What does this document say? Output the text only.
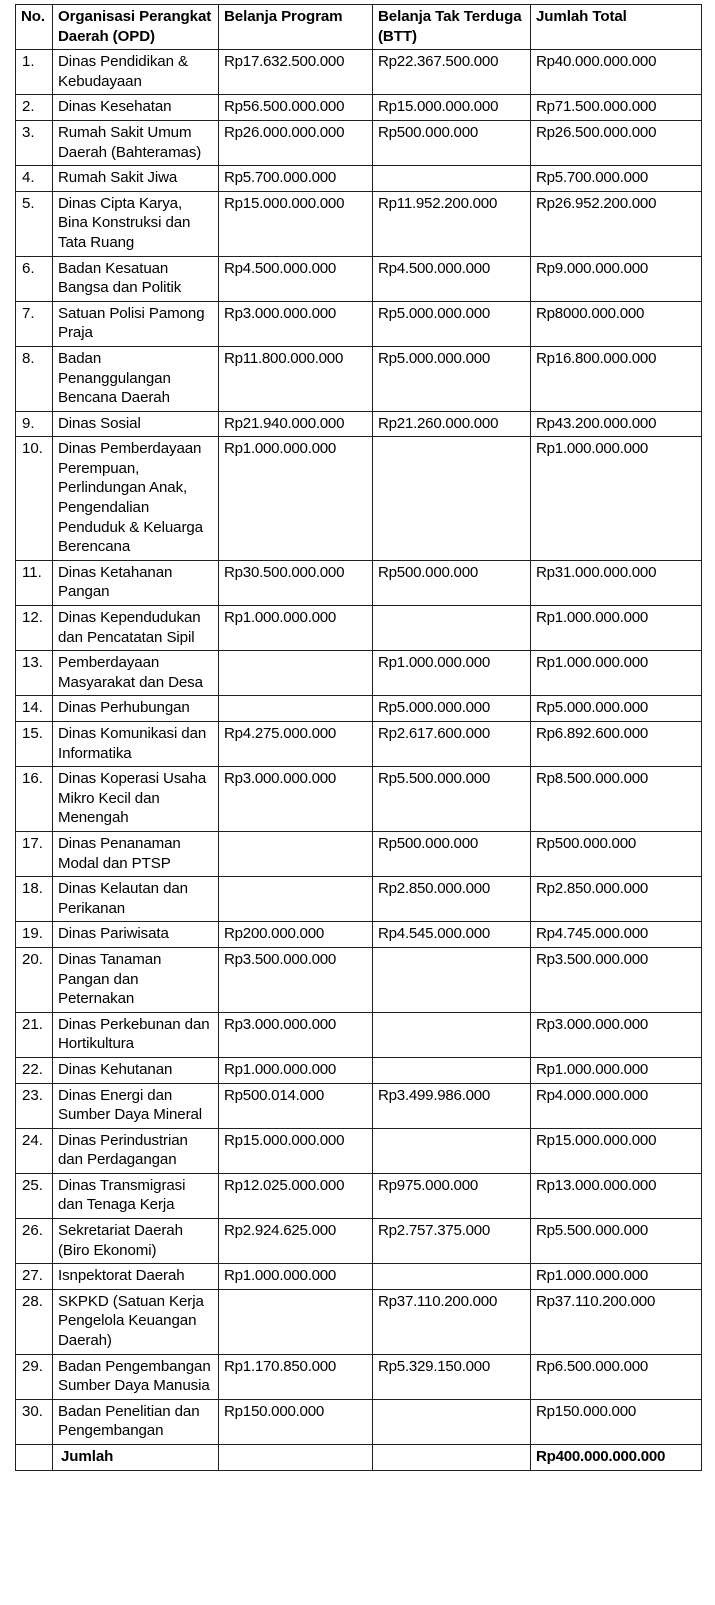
No.	Organisasi Perangkat Daerah (OPD)	Belanja Program	Belanja Tak Terduga (BTT)	Jumlah Total
1.	Dinas Pendidikan & Kebudayaan	Rp17.632.500.000	Rp22.367.500.000	Rp40.000.000.000
2.	Dinas Kesehatan	Rp56.500.000.000	Rp15.000.000.000	Rp71.500.000.000
3.	Rumah Sakit Umum Daerah (Bahteramas)	Rp26.000.000.000	Rp500.000.000	Rp26.500.000.000
4.	Rumah Sakit Jiwa	Rp5.700.000.000		Rp5.700.000.000
5.	Dinas Cipta Karya, Bina Konstruksi dan Tata Ruang	Rp15.000.000.000	Rp11.952.200.000	Rp26.952.200.000
6.	Badan Kesatuan Bangsa dan Politik	Rp4.500.000.000	Rp4.500.000.000	Rp9.000.000.000
7.	Satuan Polisi Pamong Praja	Rp3.000.000.000	Rp5.000.000.000	Rp8000.000.000
8.	Badan Penanggulangan Bencana Daerah	Rp11.800.000.000	Rp5.000.000.000	Rp16.800.000.000
9.	Dinas Sosial	Rp21.940.000.000	Rp21.260.000.000	Rp43.200.000.000
10.	Dinas Pemberdayaan Perempuan, Perlindungan Anak, Pengendalian Penduduk & Keluarga Berencana	Rp1.000.000.000		Rp1.000.000.000
11.	Dinas Ketahanan Pangan	Rp30.500.000.000	Rp500.000.000	Rp31.000.000.000
12.	Dinas Kependudukan dan Pencatatan Sipil	Rp1.000.000.000		Rp1.000.000.000
13.	Pemberdayaan Masyarakat dan Desa		Rp1.000.000.000	Rp1.000.000.000
14.	Dinas Perhubungan		Rp5.000.000.000	Rp5.000.000.000
15.	Dinas Komunikasi dan Informatika	Rp4.275.000.000	Rp2.617.600.000	Rp6.892.600.000
16.	Dinas Koperasi Usaha Mikro Kecil dan Menengah	Rp3.000.000.000	Rp5.500.000.000	Rp8.500.000.000
17.	Dinas Penanaman Modal dan PTSP		Rp500.000.000	Rp500.000.000
18.	Dinas Kelautan dan Perikanan		Rp2.850.000.000	Rp2.850.000.000
19.	Dinas Pariwisata	Rp200.000.000	Rp4.545.000.000	Rp4.745.000.000
20.	Dinas Tanaman Pangan dan Peternakan	Rp3.500.000.000		Rp3.500.000.000
21.	Dinas Perkebunan dan Hortikultura	Rp3.000.000.000		Rp3.000.000.000
22.	Dinas Kehutanan	Rp1.000.000.000		Rp1.000.000.000
23.	Dinas Energi dan Sumber Daya Mineral	Rp500.014.000	Rp3.499.986.000	Rp4.000.000.000
24.	Dinas Perindustrian dan Perdagangan	Rp15.000.000.000		Rp15.000.000.000
25.	Dinas Transmigrasi dan Tenaga Kerja	Rp12.025.000.000	Rp975.000.000	Rp13.000.000.000
26.	Sekretariat Daerah (Biro Ekonomi)	Rp2.924.625.000	Rp2.757.375.000	Rp5.500.000.000
27.	Isnpektorat Daerah	Rp1.000.000.000		Rp1.000.000.000
28.	SKPKD (Satuan Kerja Pengelola Keuangan Daerah)		Rp37.110.200.000	Rp37.110.200.000
29.	Badan Pengembangan Sumber Daya Manusia	Rp1.170.850.000	Rp5.329.150.000	Rp6.500.000.000
30.	Badan Penelitian dan Pengembangan	Rp150.000.000		Rp150.000.000
	Jumlah			Rp400.000.000.000
